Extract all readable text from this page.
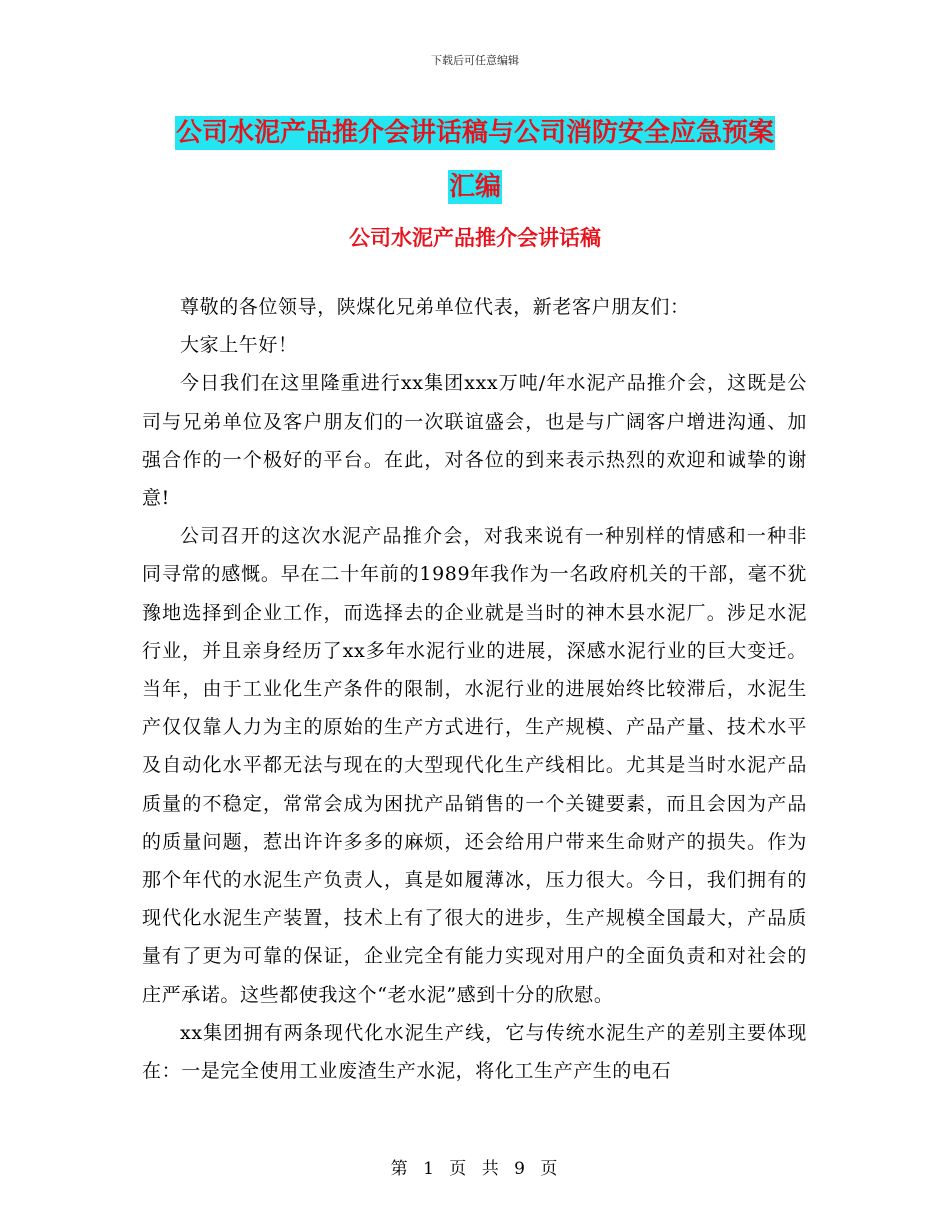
下载后可任意编辑
公司水泥产品推介会讲话稿与公司消防安全应急预案
汇编
公司水泥产品推介会讲话稿

尊敬的各位领导，陕煤化兄弟单位代表，新老客户朋友们：

大家上午好！

今日我们在这里隆重进行xx集团xxx万吨/年水泥产品推介会，这既是公司与兄弟单位及客户朋友们的一次联谊盛会，也是与广阔客户增进沟通、加强合作的一个极好的平台。在此，对各位的到来表示热烈的欢迎和诚挚的谢意!

公司召开的这次水泥产品推介会，对我来说有一种别样的情感和一种非同寻常的感慨。早在二十年前的1989年我作为一名政府机关的干部，毫不犹豫地选择到企业工作，而选择去的企业就是当时的神木县水泥厂。涉足水泥行业，并且亲身经历了xx多年水泥行业的进展，深感水泥行业的巨大变迁。当年，由于工业化生产条件的限制，水泥行业的进展始终比较滞后，水泥生产仅仅靠人力为主的原始的生产方式进行，生产规模、产品产量、技术水平及自动化水平都无法与现在的大型现代化生产线相比。尤其是当时水泥产品质量的不稳定，常常会成为困扰产品销售的一个关键要素，而且会因为产品的质量问题，惹出许许多多的麻烦，还会给用户带来生命财产的损失。作为那个年代的水泥生产负责人，真是如履薄冰，压力很大。今日，我们拥有的现代化水泥生产装置，技术上有了很大的进步，生产规模全国最大，产品质量有了更为可靠的保证，企业完全有能力实现对用户的全面负责和对社会的庄严承诺。这些都使我这个“老水泥”感到十分的欣慰。

xx集团拥有两条现代化水泥生产线，它与传统水泥生产的差别主要体现在：一是完全使用工业废渣生产水泥，将化工生产产生的电石

第 1 页 共 9 页
